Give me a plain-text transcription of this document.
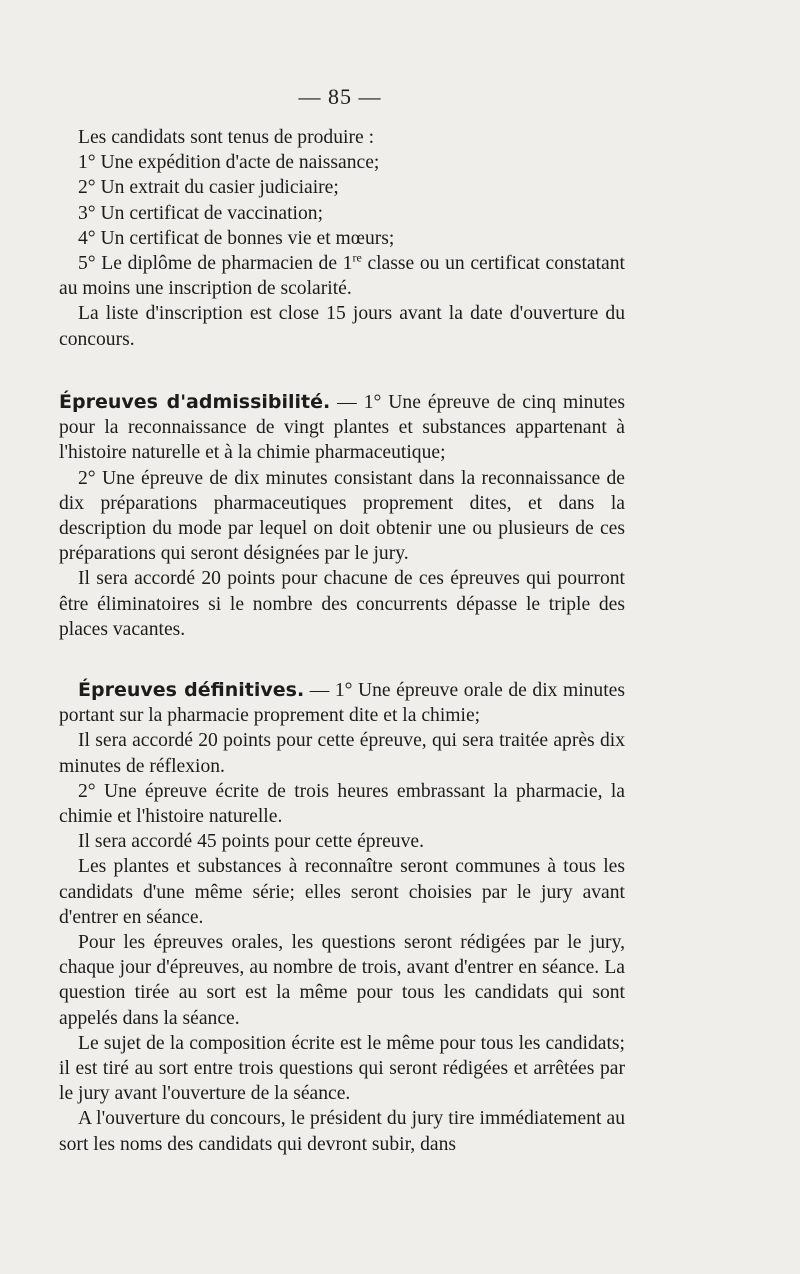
— 85 —

Les candidats sont tenus de produire :

1° Une expédition d'acte de naissance;

2° Un extrait du casier judiciaire;

3° Un certificat de vaccination;

4° Un certificat de bonnes vie et mœurs;

5° Le diplôme de pharmacien de 1re classe ou un certificat constatant au moins une inscription de scolarité.

La liste d'inscription est close 15 jours avant la date d'ouverture du concours.

Épreuves d'admissibilité. — 1° Une épreuve de cinq minutes pour la reconnaissance de vingt plantes et substances appartenant à l'histoire naturelle et à la chimie pharmaceutique;

2° Une épreuve de dix minutes consistant dans la reconnaissance de dix préparations pharmaceutiques proprement dites, et dans la description du mode par lequel on doit obtenir une ou plusieurs de ces préparations qui seront désignées par le jury.

Il sera accordé 20 points pour chacune de ces épreuves qui pourront être éliminatoires si le nombre des concurrents dépasse le triple des places vacantes.

Épreuves définitives. — 1° Une épreuve orale de dix minutes portant sur la pharmacie proprement dite et la chimie;

Il sera accordé 20 points pour cette épreuve, qui sera traitée après dix minutes de réflexion.

2° Une épreuve écrite de trois heures embrassant la pharmacie, la chimie et l'histoire naturelle.

Il sera accordé 45 points pour cette épreuve.

Les plantes et substances à reconnaître seront communes à tous les candidats d'une même série; elles seront choisies par le jury avant d'entrer en séance.

Pour les épreuves orales, les questions seront rédigées par le jury, chaque jour d'épreuves, au nombre de trois, avant d'entrer en séance. La question tirée au sort est la même pour tous les candidats qui sont appelés dans la séance.

Le sujet de la composition écrite est le même pour tous les candidats; il est tiré au sort entre trois questions qui seront rédigées et arrêtées par le jury avant l'ouverture de la séance.

A l'ouverture du concours, le président du jury tire immédiatement au sort les noms des candidats qui devront subir, dans
